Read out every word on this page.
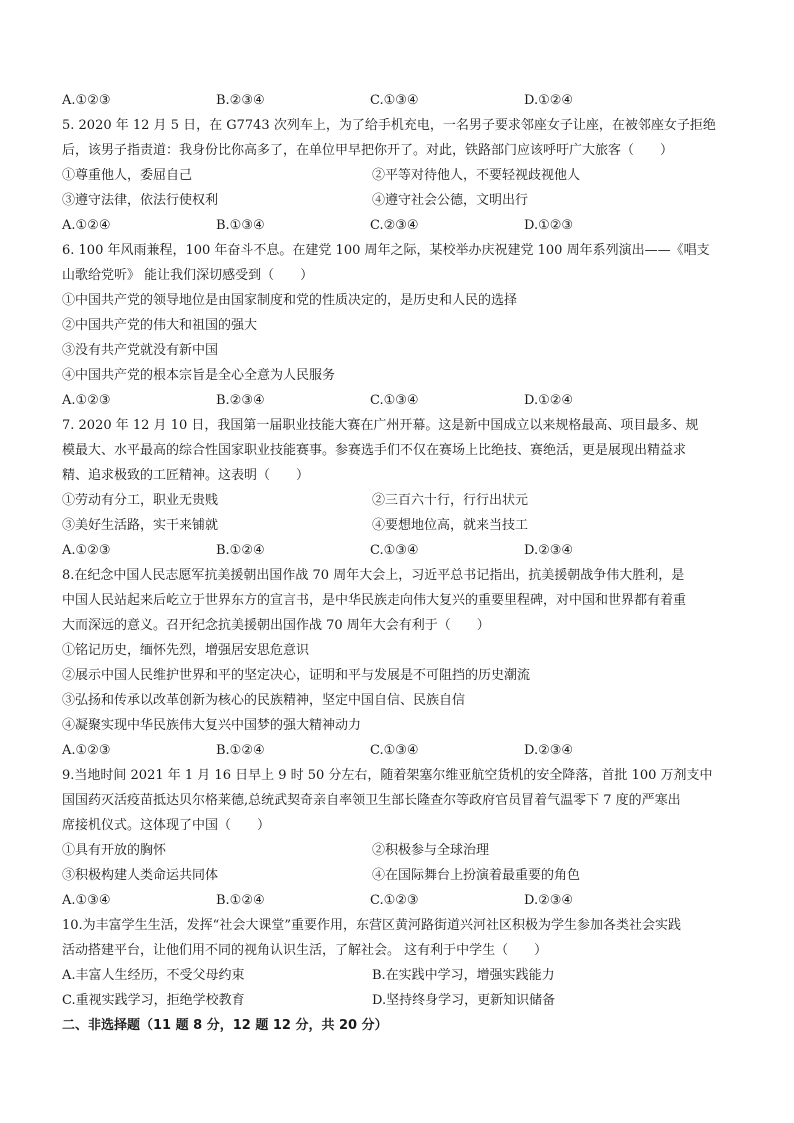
A.①②③	B.②③④	C.①③④	D.①②④
5. 2020 年 12 月 5 日，在 G7743 次列车上，为了给手机充电，一名男子要求邻座女子让座，在被邻座女子拒绝
后，该男子指责道：我身份比你高多了，在单位甲早把你开了。对此，铁路部门应该呼吁广大旅客（　　）
①尊重他人，委屈自己	②平等对待他人，不要轻视歧视他人
③遵守法律，依法行使权利	④遵守社会公德，文明出行
A.①②④	B.①③④	C.②③④	D.①②③
6. 100 年风雨兼程，100 年奋斗不息。在建党 100 周年之际，某校举办庆祝建党 100 周年系列演出——《唱支
山歌给党听》 能让我们深切感受到（　　）
①中国共产党的领导地位是由国家制度和党的性质决定的，是历史和人民的选择
②中国共产党的伟大和祖国的强大
③没有共产党就没有新中国
④中国共产党的根本宗旨是全心全意为人民服务
A.①②③	B.②③④	C.①③④	D.①②④
7. 2020 年 12 月 10 日，我国第一届职业技能大赛在广州开幕。这是新中国成立以来规格最高、项目最多、规
模最大、水平最高的综合性国家职业技能赛事。参赛选手们不仅在赛场上比绝技、赛绝活，更是展现出精益求
精、追求极致的工匠精神。这表明（　　）
①劳动有分工，职业无贵贱	②三百六十行，行行出状元
③美好生活路，实干来铺就	④要想地位高，就来当技工
A.①②③	B.①②④	C.①③④	D.②③④
8.在纪念中国人民志愿军抗美援朝出国作战 70 周年大会上，习近平总书记指出，抗美援朝战争伟大胜利，是
中国人民站起来后屹立于世界东方的宣言书，是中华民族走向伟大复兴的重要里程碑，对中国和世界都有着重
大而深远的意义。召开纪念抗美援朝出国作战 70 周年大会有利于（　　）
①铭记历史，缅怀先烈，增强居安思危意识
②展示中国人民维护世界和平的坚定决心，证明和平与发展是不可阻挡的历史潮流
③弘扬和传承以改革创新为核心的民族精神，坚定中国自信、民族自信
④凝聚实现中华民族伟大复兴中国梦的强大精神动力
A.①②③	B.①②④	C.①③④	D.②③④
9.当地时间 2021 年 1 月 16 日早上 9 时 50 分左右，随着架塞尔维亚航空货机的安全降落，首批 100 万剂支中
国国药灭活疫苗抵达贝尔格莱德,总统武契奇亲自率领卫生部长隆查尔等政府官员冒着气温零下 7 度的严寒出
席接机仪式。这体现了中国（　　）
①具有开放的胸怀	②积极参与全球治理
③积极构建人类命运共同体	④在国际舞台上扮演着最重要的角色
A.①③④	B.①②④	C.①②③	D.②③④
10.为丰富学生生活，发挥“社会大课堂”重要作用，东营区黄河路街道兴河社区积极为学生参加各类社会实践
活动搭建平台，让他们用不同的视角认识生活，了解社会。 这有利于中学生（　　）
A.丰富人生经历，不受父母约束	B.在实践中学习，增强实践能力
C.重视实践学习，拒绝学校教育	D.坚持终身学习，更新知识储备
二、非选择题（11 题 8 分，12 题 12 分，共 20 分）
